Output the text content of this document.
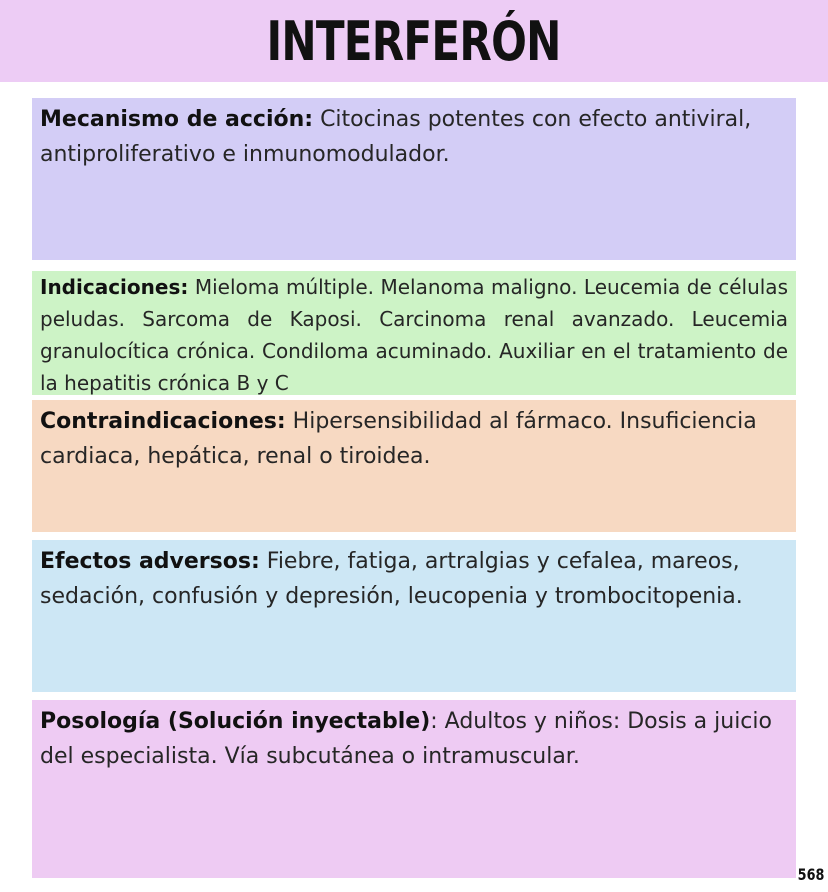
INTERFERÓN
Mecanismo de acción: Citocinas potentes con efecto antiviral, antiproliferativo e inmunomodulador.
Indicaciones: Mieloma múltiple. Melanoma maligno. Leucemia de células peludas. Sarcoma de Kaposi. Carcinoma renal avanzado. Leucemia granulocítica crónica. Condiloma acuminado. Auxiliar en el tratamiento de la hepatitis crónica B y C
Contraindicaciones: Hipersensibilidad al fármaco. Insuficiencia cardiaca, hepática, renal o tiroidea.
Efectos adversos: Fiebre, fatiga, artralgias y cefalea, mareos, sedación, confusión y depresión, leucopenia y trombocitopenia.
Posología (Solución inyectable): Adultos y niños: Dosis a juicio del especialista. Vía subcutánea o intramuscular.
568
